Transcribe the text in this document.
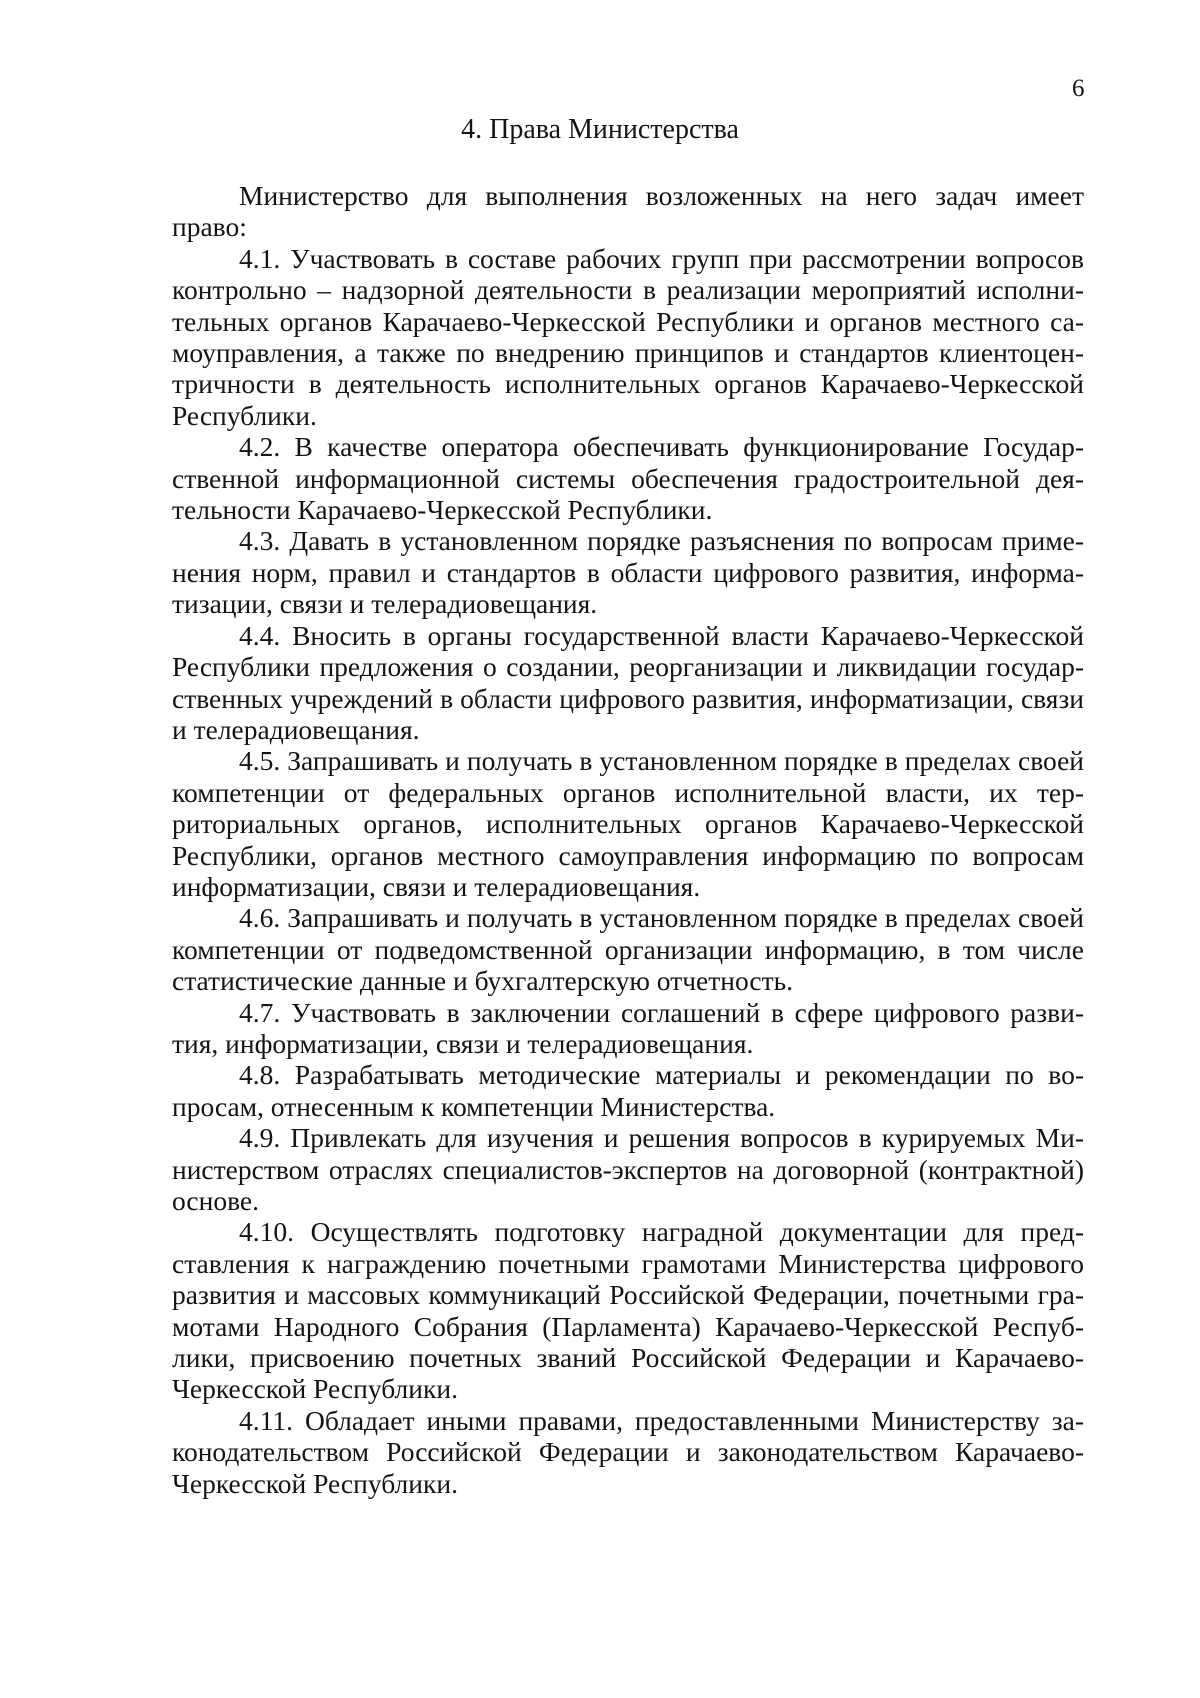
6
4. Права Министерства

Министерство для выполнения возложенных на него задач имеет право:

4.1. Участвовать в составе рабочих групп при рассмотрении вопросов контрольно – надзорной деятельности в реализации мероприятий исполнительных органов Карачаево-Черкесской Республики и органов местного самоуправления, а также по внедрению принципов и стандартов клиентоцентричности в деятельность исполнительных органов Карачаево-Черкесской Республики.

4.2. В качестве оператора обеспечивать функционирование Государственной информационной системы обеспечения градостроительной деятельности Карачаево-Черкесской Республики.

4.3. Давать в установленном порядке разъяснения по вопросам применения норм, правил и стандартов в области цифрового развития, информатизации, связи и телерадиовещания.

4.4. Вносить в органы государственной власти Карачаево-Черкесской Республики предложения о создании, реорганизации и ликвидации государственных учреждений в области цифрового развития, информатизации, связи и телерадиовещания.

4.5. Запрашивать и получать в установленном порядке в пределах своей компетенции от федеральных органов исполнительной власти, их территориальных органов, исполнительных органов Карачаево-Черкесской Республики, органов местного самоуправления информацию по вопросам информатизации, связи и телерадиовещания.

4.6. Запрашивать и получать в установленном порядке в пределах своей компетенции от подведомственной организации информацию, в том числе статистические данные и бухгалтерскую отчетность.

4.7. Участвовать в заключении соглашений в сфере цифрового развития, информатизации, связи и телерадиовещания.

4.8. Разрабатывать методические материалы и рекомендации по вопросам, отнесенным к компетенции Министерства.

4.9. Привлекать для изучения и решения вопросов в курируемых Министерством отраслях специалистов-экспертов на договорной (контрактной) основе.

4.10. Осуществлять подготовку наградной документации для представления к награждению почетными грамотами Министерства цифрового развития и массовых коммуникаций Российской Федерации, почетными грамотами Народного Собрания (Парламента) Карачаево-Черкесской Республики, присвоению почетных званий Российской Федерации и Карачаево-Черкесской Республики.

4.11. Обладает иными правами, предоставленными Министерству законодательством Российской Федерации и законодательством Карачаево-Черкесской Республики.
